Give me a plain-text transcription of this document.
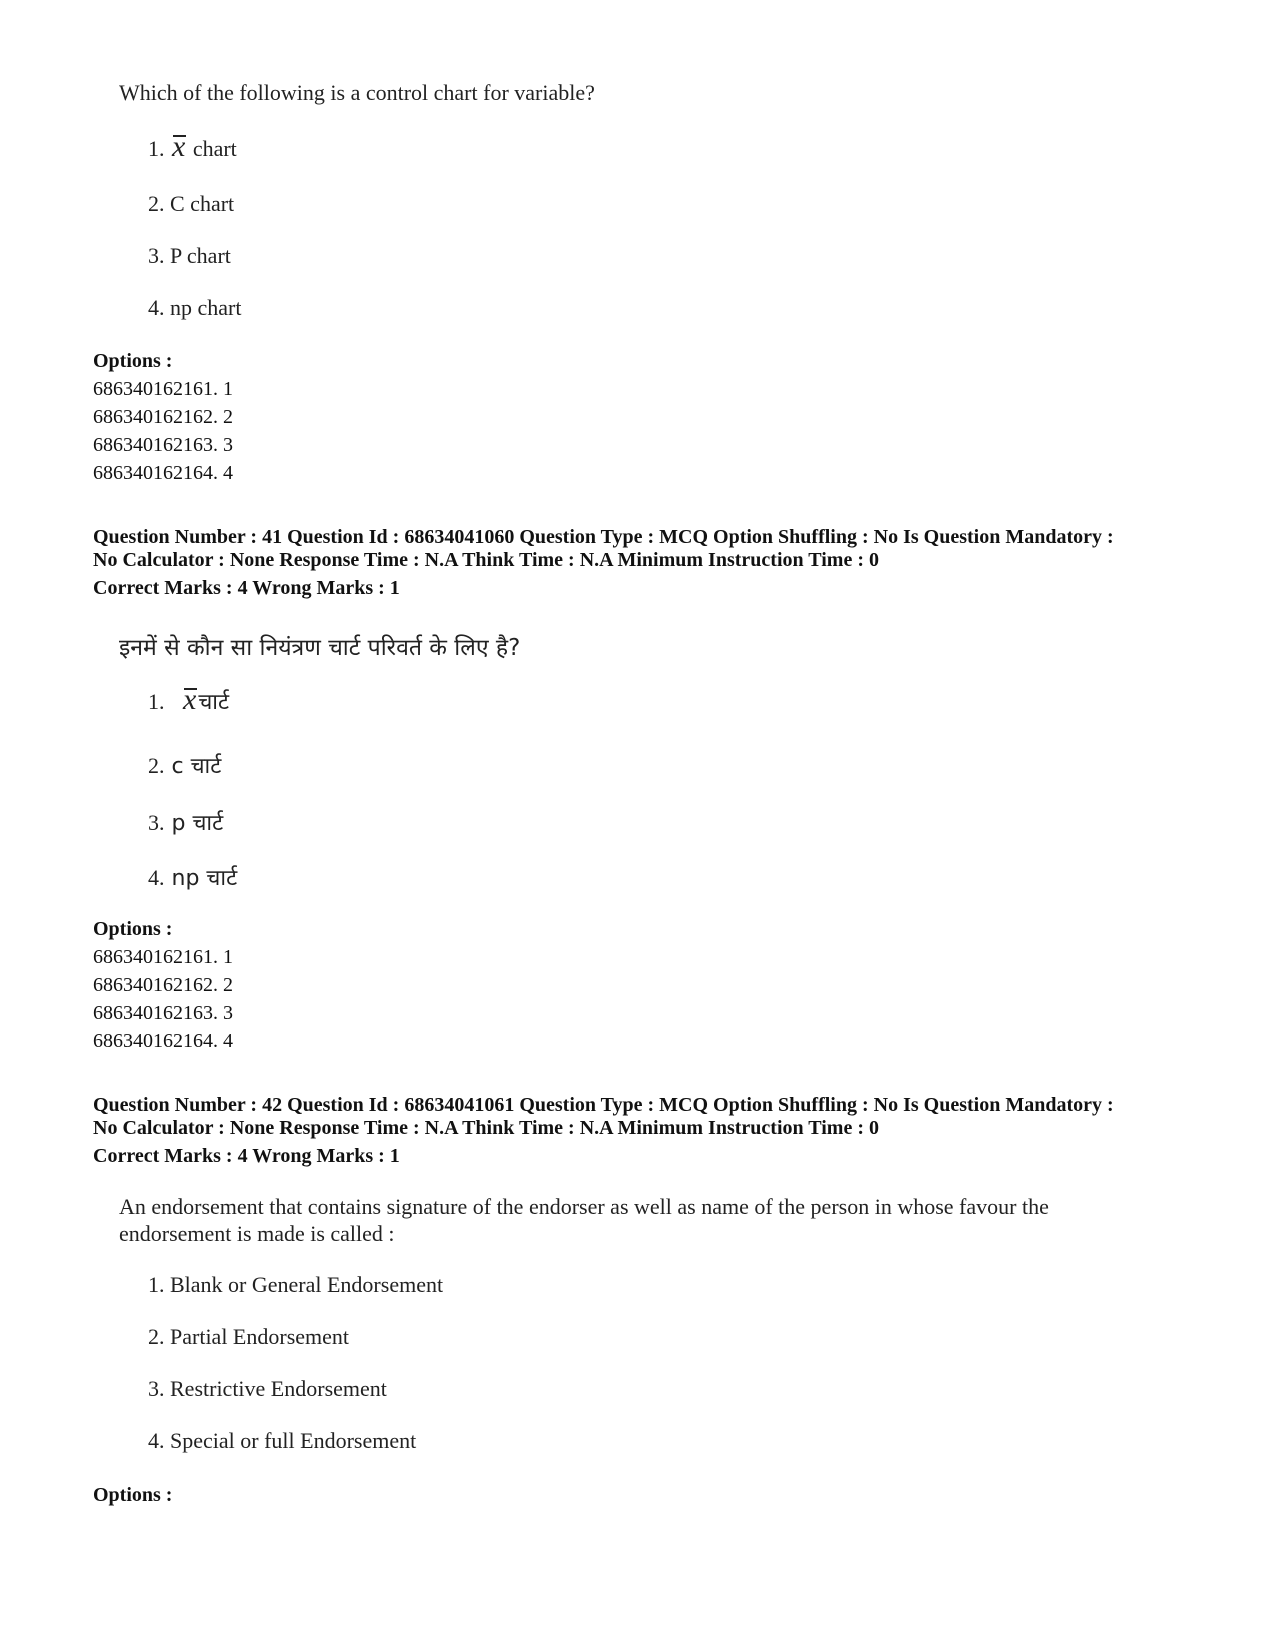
Which of the following is a control chart for variable?

1. x chart
2. C chart
3. P chart
4. np chart
Options :
686340162161. 1
686340162162. 2
686340162163. 3
686340162164. 4
Question Number : 41 Question Id : 68634041060 Question Type : MCQ Option Shuffling : No Is Question Mandatory :
No Calculator : None Response Time : N.A Think Time : N.A Minimum Instruction Time : 0
Correct Marks : 4 Wrong Marks : 1

इनमें से कौन सा नियंत्रण चार्ट परिवर्त के लिए है?

1. xचार्ट
2. c चार्ट
3. p चार्ट
4. np चार्ट
Options :
686340162161. 1
686340162162. 2
686340162163. 3
686340162164. 4
Question Number : 42 Question Id : 68634041061 Question Type : MCQ Option Shuffling : No Is Question Mandatory :
No Calculator : None Response Time : N.A Think Time : N.A Minimum Instruction Time : 0
Correct Marks : 4 Wrong Marks : 1

An endorsement that contains signature of the endorser as well as name of the person in whose favour the endorsement is made is called :

1. Blank or General Endorsement
2. Partial Endorsement
3. Restrictive Endorsement
4. Special or full Endorsement
Options :
